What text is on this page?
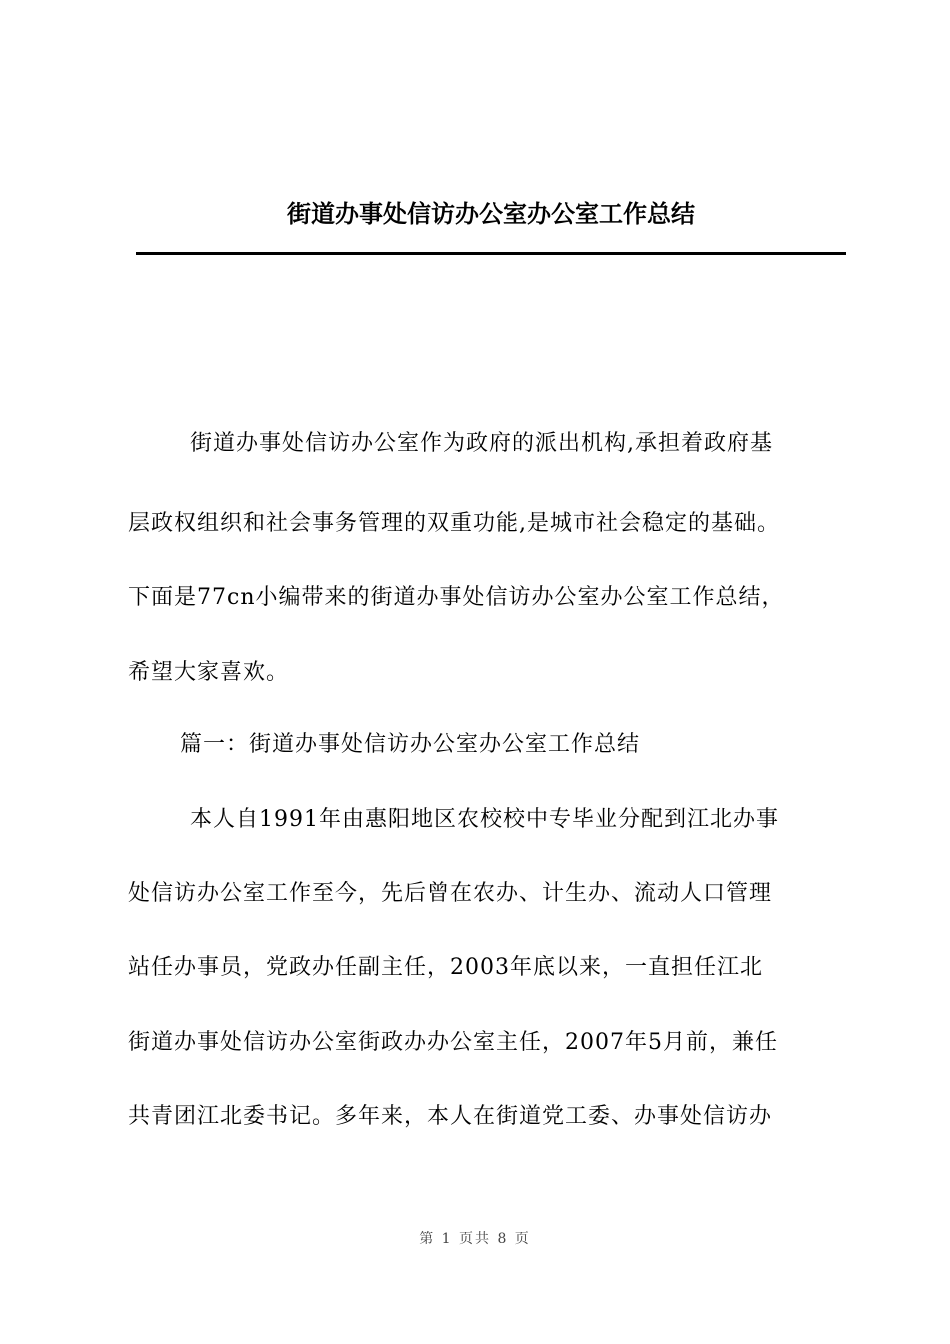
街道办事处信访办公室办公室工作总结

街道办事处信访办公室作为政府的派出机构,承担着政府基

层政权组织和社会事务管理的双重功能,是城市社会稳定的基础。

下面是77cn小编带来的街道办事处信访办公室办公室工作总结，

希望大家喜欢。

篇一：街道办事处信访办公室办公室工作总结

本人自1991年由惠阳地区农校校中专毕业分配到江北办事

处信访办公室工作至今，先后曾在农办、计生办、流动人口管理

站任办事员，党政办任副主任，2003年底以来，一直担任江北

街道办事处信访办公室街政办办公室主任，2007年5月前，兼任

共青团江北委书记。多年来，本人在街道党工委、办事处信访办

第 1 页共 8 页
